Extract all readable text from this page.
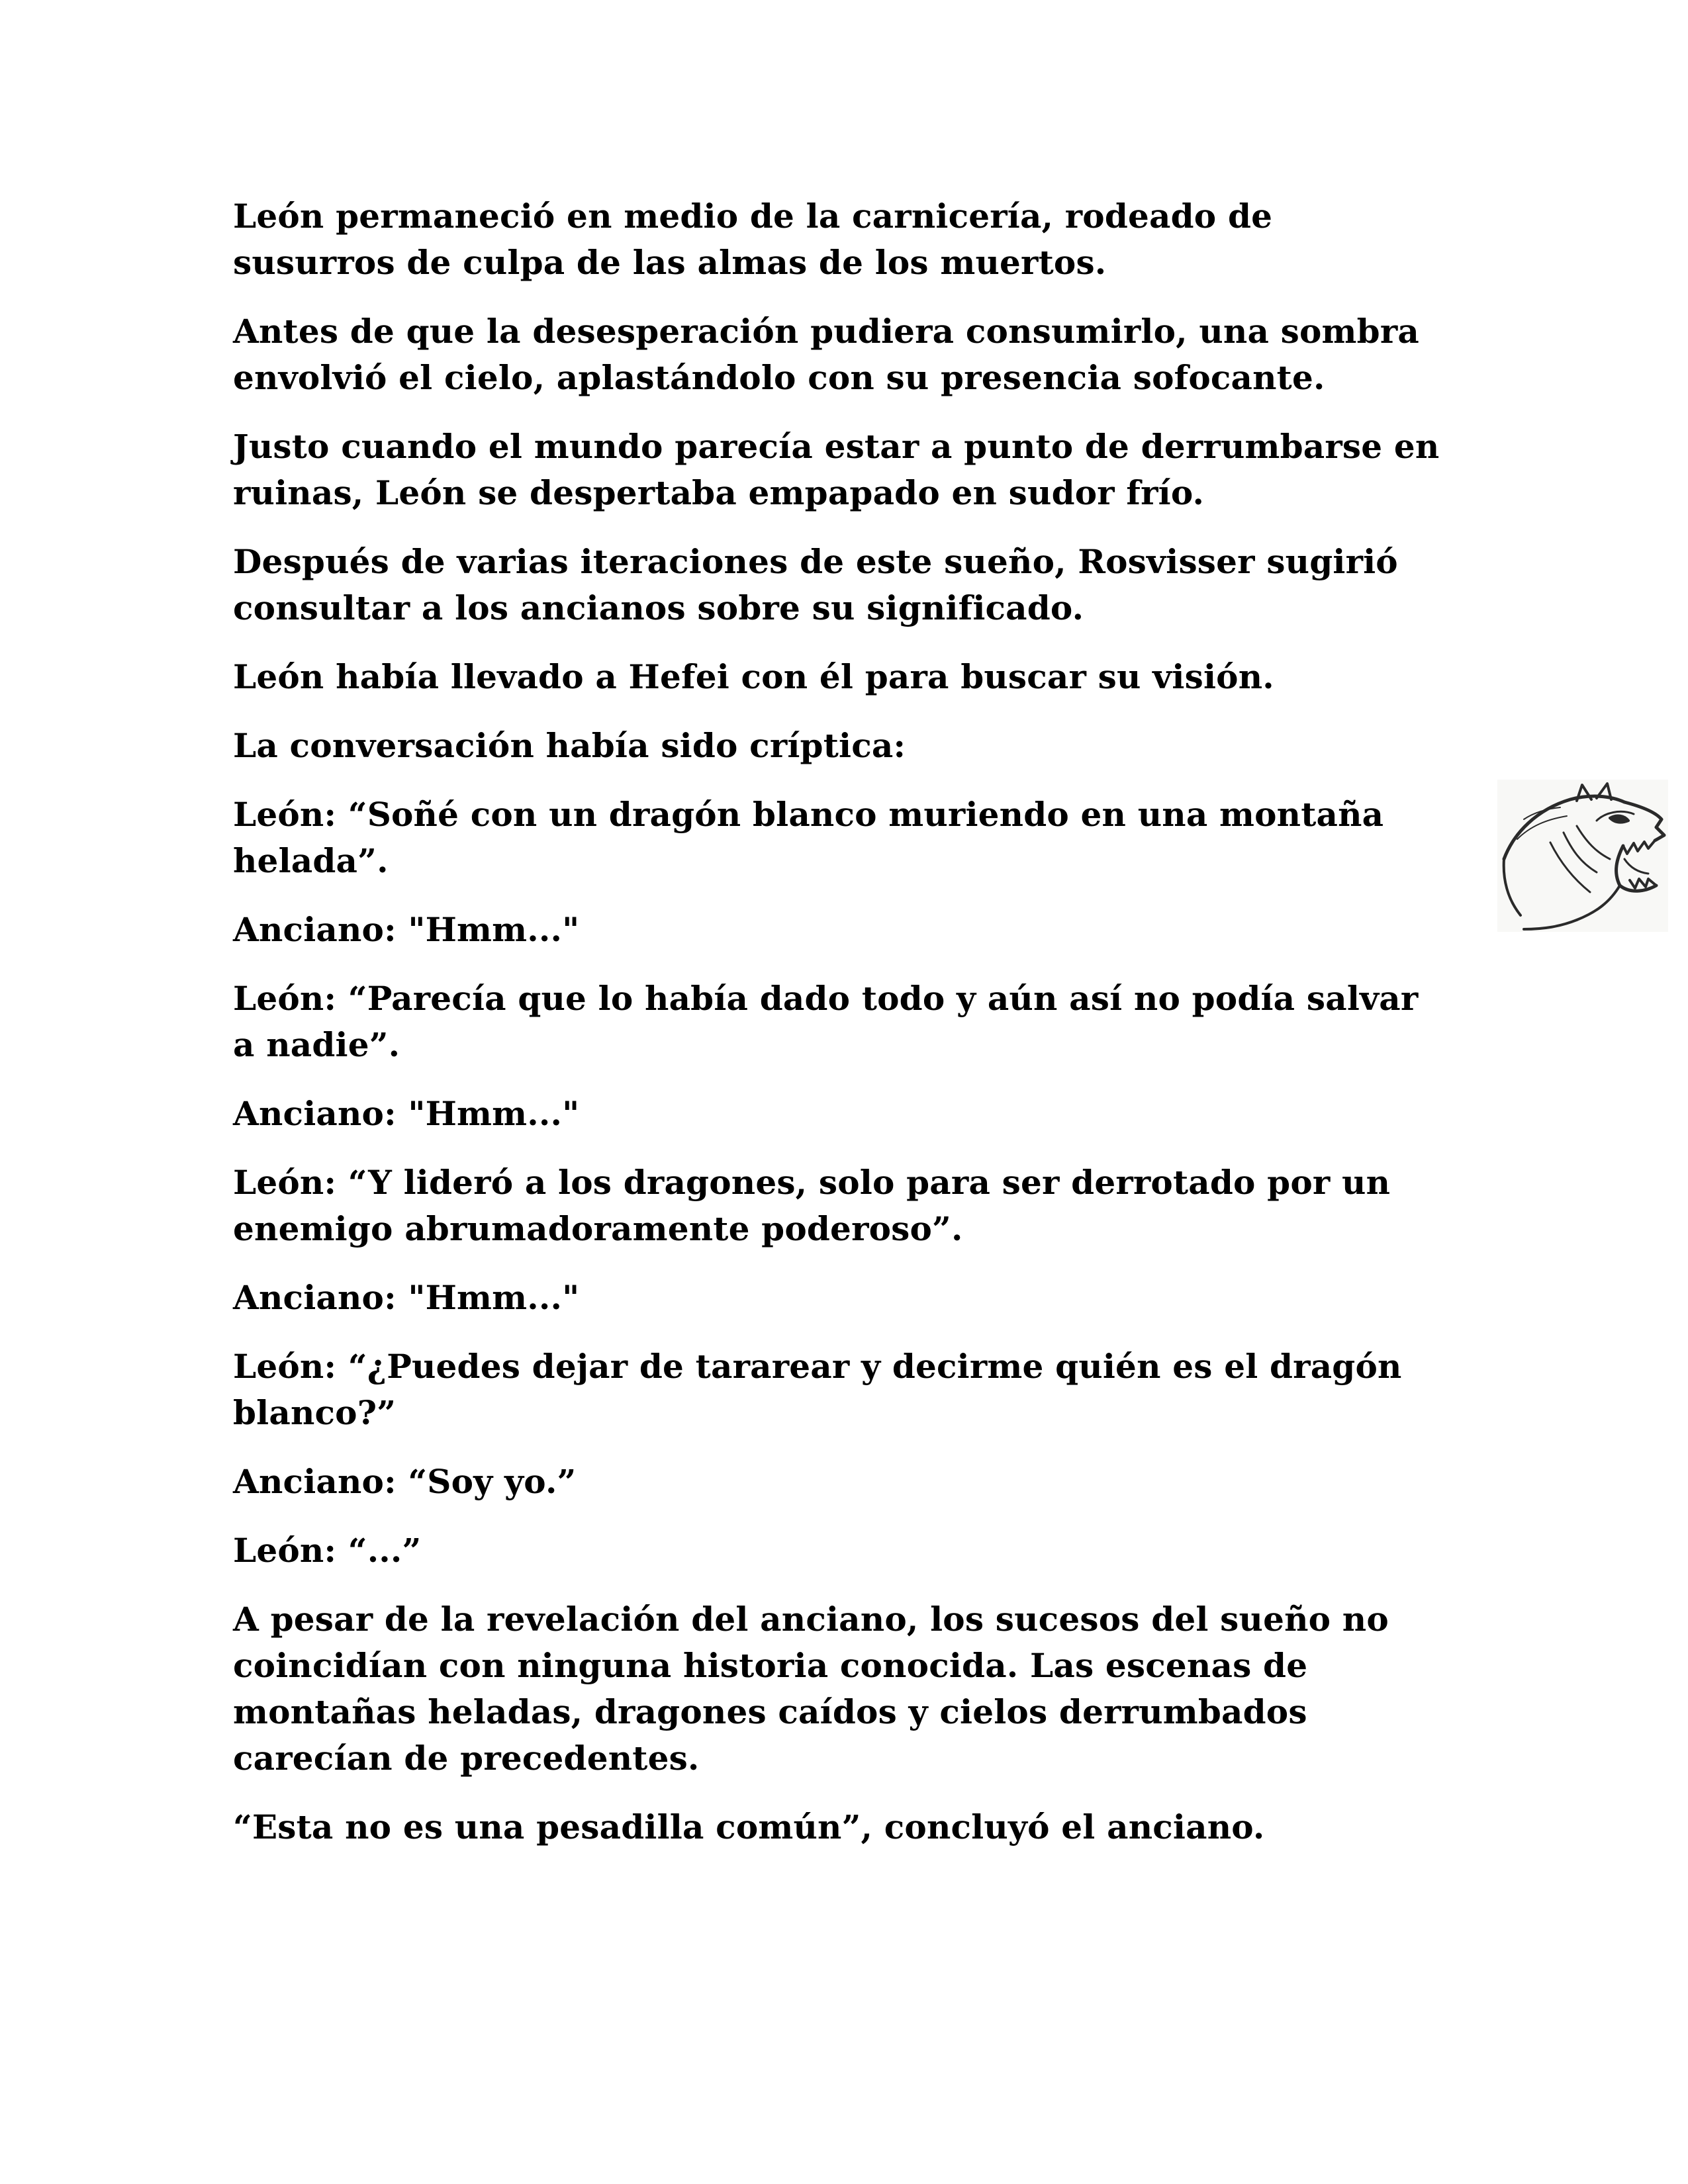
León permaneció en medio de la carnicería, rodeado de susurros de culpa de las almas de los muertos.

Antes de que la desesperación pudiera consumirlo, una sombra envolvió el cielo, aplastándolo con su presencia sofocante.

Justo cuando el mundo parecía estar a punto de derrumbarse en ruinas, León se despertaba empapado en sudor frío.

Después de varias iteraciones de este sueño, Rosvisser sugirió consultar a los ancianos sobre su significado.

León había llevado a Hefei con él para buscar su visión.

La conversación había sido críptica:

León: “Soñé con un dragón blanco muriendo en una montaña helada”.

Anciano: "Hmm..."

León: “Parecía que lo había dado todo y aún así no podía salvar a nadie”.

Anciano: "Hmm..."

León: “Y lideró a los dragones, solo para ser derrotado por un enemigo abrumadoramente poderoso”.

Anciano: "Hmm..."

León: “¿Puedes dejar de tararear y decirme quién es el dragón blanco?”

Anciano: “Soy yo.”

León: “...”

A pesar de la revelación del anciano, los sucesos del sueño no coincidían con ninguna historia conocida. Las escenas de montañas heladas, dragones caídos y cielos derrumbados carecían de precedentes.

“Esta no es una pesadilla común”, concluyó el anciano.
